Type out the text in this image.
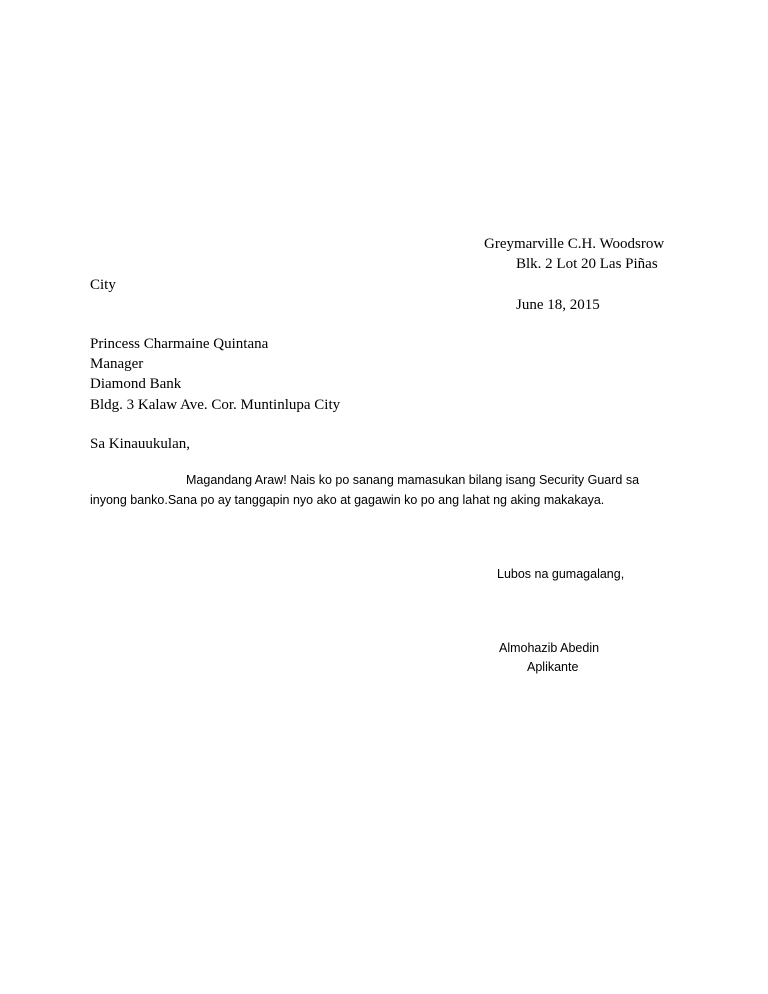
Greymarville C.H. Woodsrow
Blk. 2 Lot 20 Las Piñas
City
June 18, 2015
Princess Charmaine Quintana
Manager
Diamond Bank
Bldg. 3 Kalaw Ave. Cor. Muntinlupa City
Sa Kinauukulan,
Magandang Araw! Nais ko po sanang mamasukan bilang isang Security Guard sa
inyong banko.Sana po ay tanggapin nyo ako at gagawin ko po ang lahat ng aking makakaya.
Lubos na gumagalang,
Almohazib Abedin
Aplikante
